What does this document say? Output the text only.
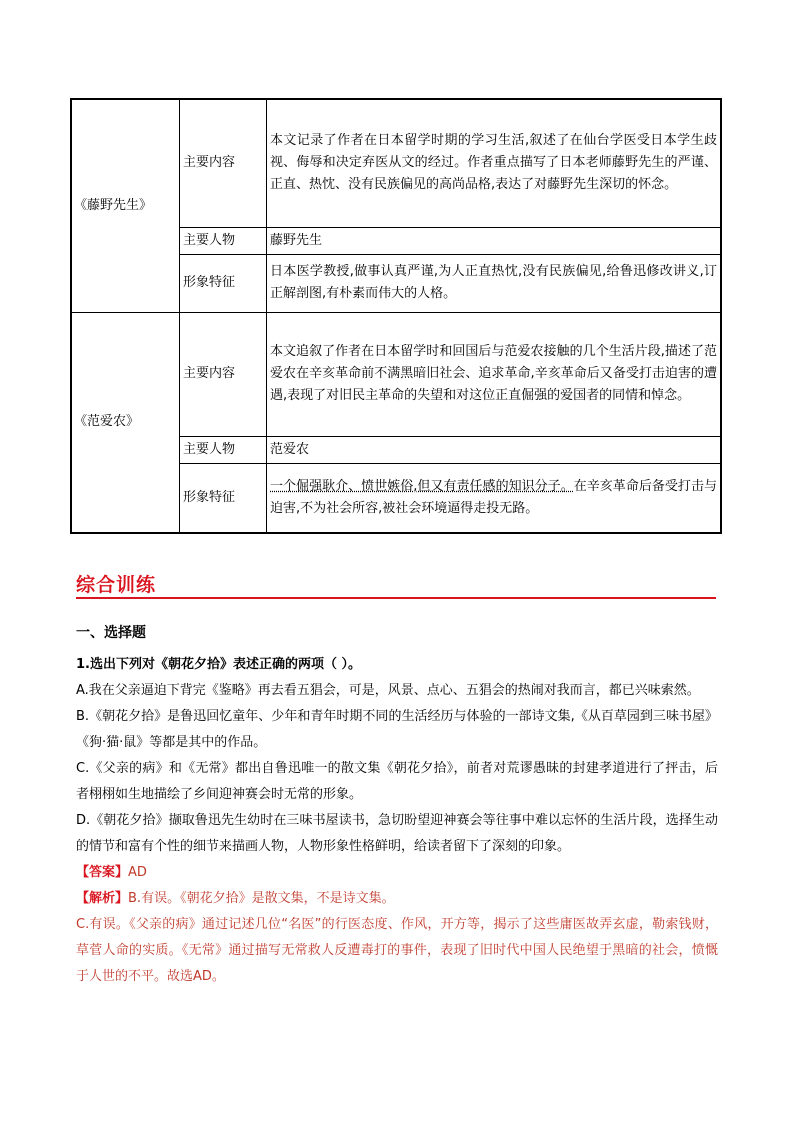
《藤野先生》	主要内容	本文记录了作者在日本留学时期的学习生活,叙述了在仙台学医受日本学生歧视、侮辱和决定弃医从文的经过。作者重点描写了日本老师藤野先生的严谨、正直、热忱、没有民族偏见的高尚品格,表达了对藤野先生深切的怀念。
	主要人物	藤野先生
	形象特征	日本医学教授,做事认真严谨,为人正直热忱,没有民族偏见,给鲁迅修改讲义,订正解剖图,有朴素而伟大的人格。
《范爱农》	主要内容	本文追叙了作者在日本留学时和回国后与范爱农接触的几个生活片段,描述了范爱农在辛亥革命前不满黑暗旧社会、追求革命,辛亥革命后又备受打击迫害的遭遇,表现了对旧民主革命的失望和对这位正直倔强的爱国者的同情和悼念。
	主要人物	范爱农
	形象特征	一个倔强耿介、愤世嫉俗,但又有责任感的知识分子。在辛亥革命后备受打击与迫害,不为社会所容,被社会环境逼得走投无路。
综合训练
一、选择题

1.选出下列对《朝花夕拾》表述正确的两项（ ）。

A.我在父亲逼迫下背完《鉴略》再去看五猖会，可是，风景、点心、五猖会的热闹对我而言，都已兴味索然。

B.《朝花夕拾》是鲁迅回忆童年、少年和青年时期不同的生活经历与体验的一部诗文集,《从百草园到三味书屋》《狗·猫·鼠》等都是其中的作品。

C.《父亲的病》和《无常》都出自鲁迅唯一的散文集《朝花夕拾》，前者对荒谬愚昧的封建孝道进行了抨击，后者栩栩如生地描绘了乡间迎神赛会时无常的形象。

D.《朝花夕拾》撷取鲁迅先生幼时在三味书屋读书，急切盼望迎神赛会等往事中难以忘怀的生活片段，选择生动的情节和富有个性的细节来描画人物，人物形象性格鲜明，给读者留下了深刻的印象。

【答案】AD

【解析】B.有误。《朝花夕拾》是散文集，不是诗文集。

C.有误。《父亲的病》通过记述几位“名医”的行医态度、作风，开方等，揭示了这些庸医故弄玄虚，勒索钱财，草菅人命的实质。《无常》通过描写无常救人反遭毒打的事件，表现了旧时代中国人民绝望于黑暗的社会，愤慨于人世的不平。故选AD。
